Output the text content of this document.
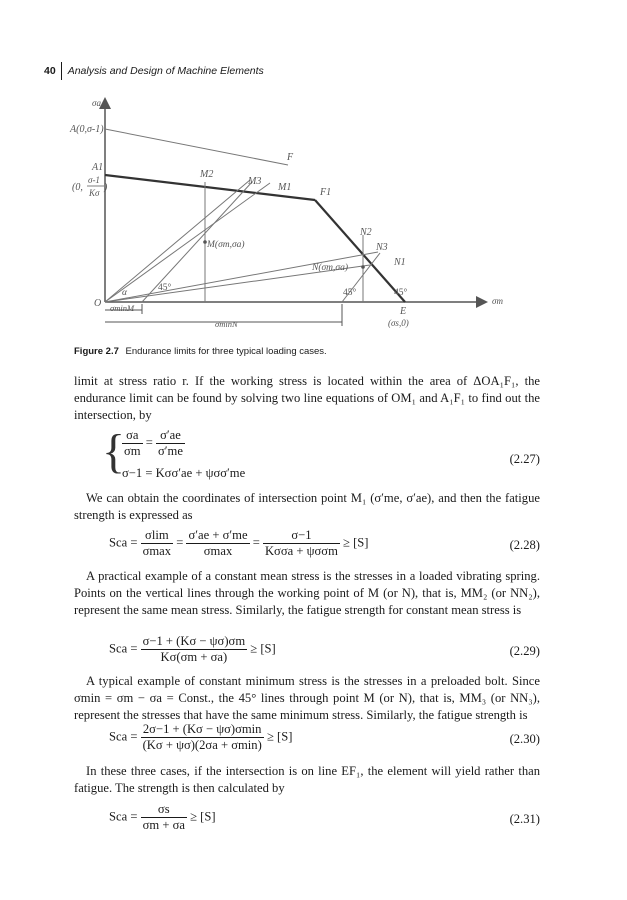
40 Analysis and Design of Machine Elements
σa
A(0,σ-1)
A1
(0,
σ-1
Kσ )
F
F1
M2
M3
M1
M(σm,σa)
N2
N3
N1
N(σm,σa)
45°	45°	45°
O
α
σminM
σminN
E
(σs,0)
σm
Figure 2.7 Endurance limits for three typical loading cases.
limit at stress ratio r. If the working stress is located within the area of ΔOA₁F₁, the endurance limit can be found by solving two line equations of OM₁ and A₁F₁ to find out the intersection, by
{
$\frac{\sigma a}{\sigma m} = \frac{\sigma'ae}{\sigma'me}$
σ−1 = Kσσ′ae + ψσσ′me
(2.27)
We can obtain the coordinates of intersection point M₁ (σ′me, σ′ae), and then the fatigue strength is expressed as
Sca = $\frac{\sigma\lim}{\sigma\max} = \frac{\sigma'ae + \sigma'me}{\sigma\max} = \frac{\sigma-1}{\text{Kσσa + ψσσm}} \ge [S]$	(2.28)
A practical example of a constant mean stress is the stresses in a loaded vibrating spring. Points on the vertical lines through the working point of M (or N), that is, MM₂ (or NN₂), represent the same mean stress. Similarly, the fatigue strength for constant mean stress is
Sca = $\frac{\sigma-1 + (K\sigma - \psi\sigma)\sigma m}{K\sigma(\sigma m + \sigma a)} \ge [S]$	(2.29)
A typical example of constant minimum stress is the stresses in a preloaded bolt. Since σmin = σm − σa = Const., the 45° lines through point M (or N), that is, MM₃ (or NN₃), represent the stresses that have the same minimum stress. Similarly, the fatigue strength is
Sca = $\frac{2\sigma-1 + (K\sigma - \psi\sigma)\sigma\min}{(K\sigma + \psi\sigma)(2\sigma a + \sigma\min)} \ge [S]$	(2.30)
In these three cases, if the intersection is on line EF₁, the element will yield rather than fatigue. The strength is then calculated by
Sca = $\frac{\sigma s}{\sigma m + \sigma a} \ge [S]$	(2.31)
